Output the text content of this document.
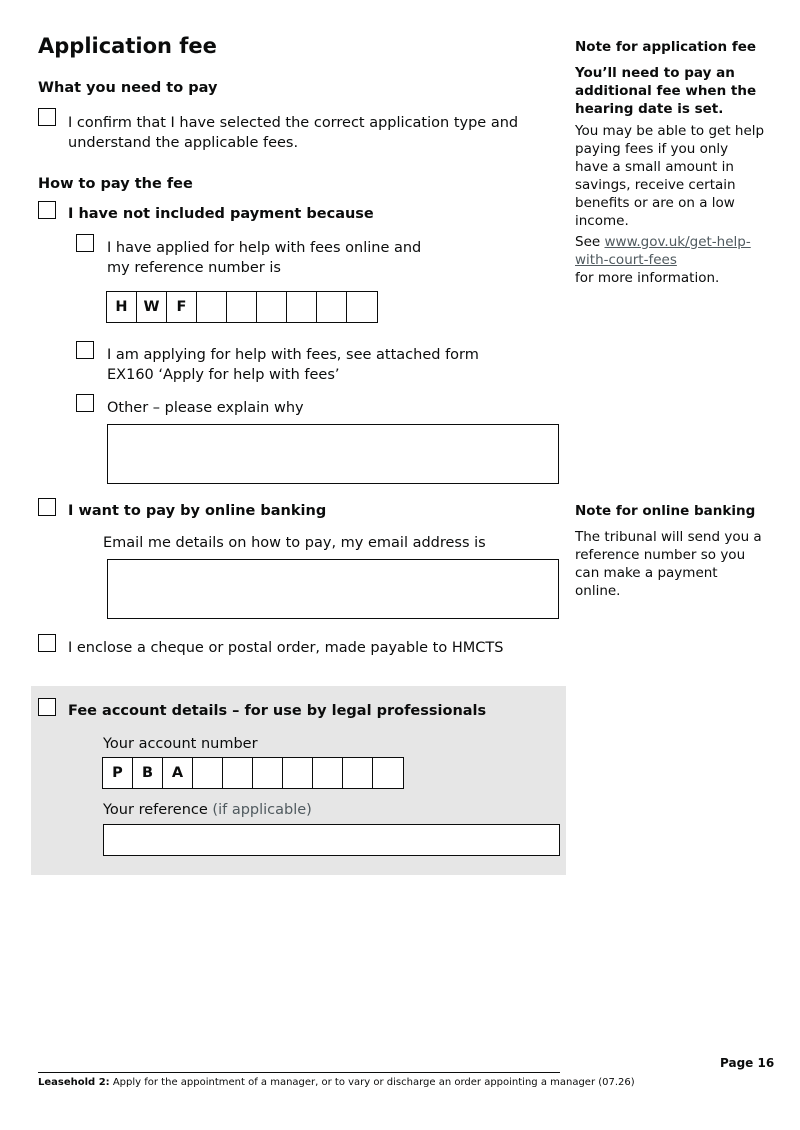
Application fee
What you need to pay
I confirm that I have selected the correct application type and
understand the applicable fees.
How to pay the fee
I have not included payment because
I have applied for help with fees online and
my reference number is
H	W	F
I am applying for help with fees, see attached form
EX160 ‘Apply for help with fees’
Other – please explain why
I want to pay by online banking
Email me details on how to pay, my email address is
I enclose a cheque or postal order, made payable to HMCTS
Fee account details – for use by legal professionals
Your account number
P	B	A
Your reference (if applicable)
Note for application fee
You’ll need to pay an additional fee when the hearing date is set.
You may be able to get help paying fees if you only have a small amount in savings, receive certain benefits or are on a low income.
See www.gov.uk/get-help-with-court-fees
for more information.
Note for online banking
The tribunal will send you a reference number so you can make a payment online.
Page 16
Leasehold 2: Apply for the appointment of a manager, or to vary or discharge an order appointing a manager (07.26)
